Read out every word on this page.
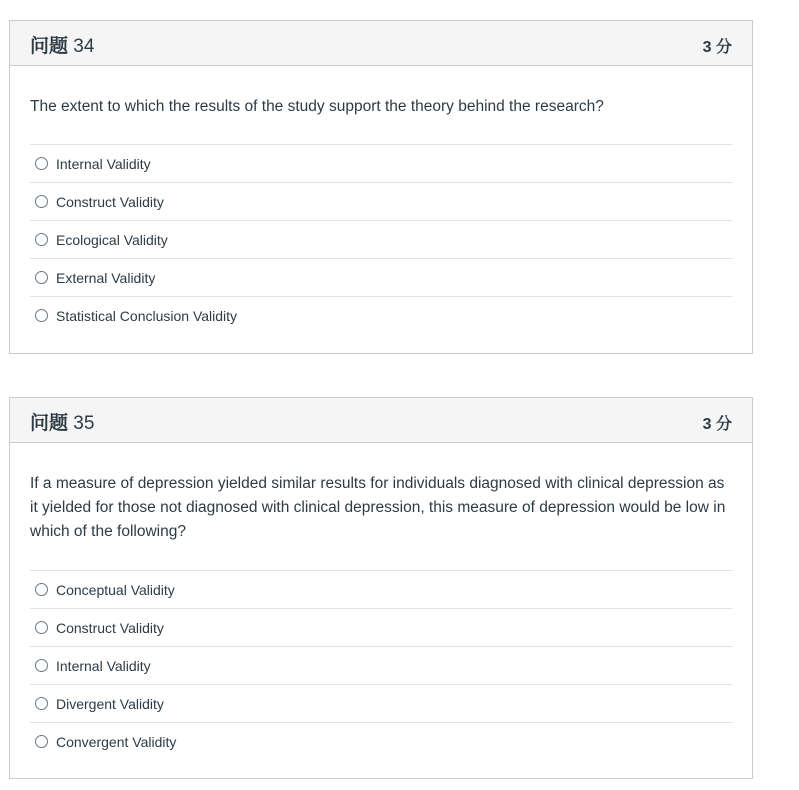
问题 34	3 分
The extent to which the results of the study support the theory behind the research?
Internal Validity
Construct Validity
Ecological Validity
External Validity
Statistical Conclusion Validity
问题 35	3 分
If a measure of depression yielded similar results for individuals diagnosed with clinical depression as it yielded for those not diagnosed with clinical depression, this measure of depression would be low in which of the following?
Conceptual Validity
Construct Validity
Internal Validity
Divergent Validity
Convergent Validity
